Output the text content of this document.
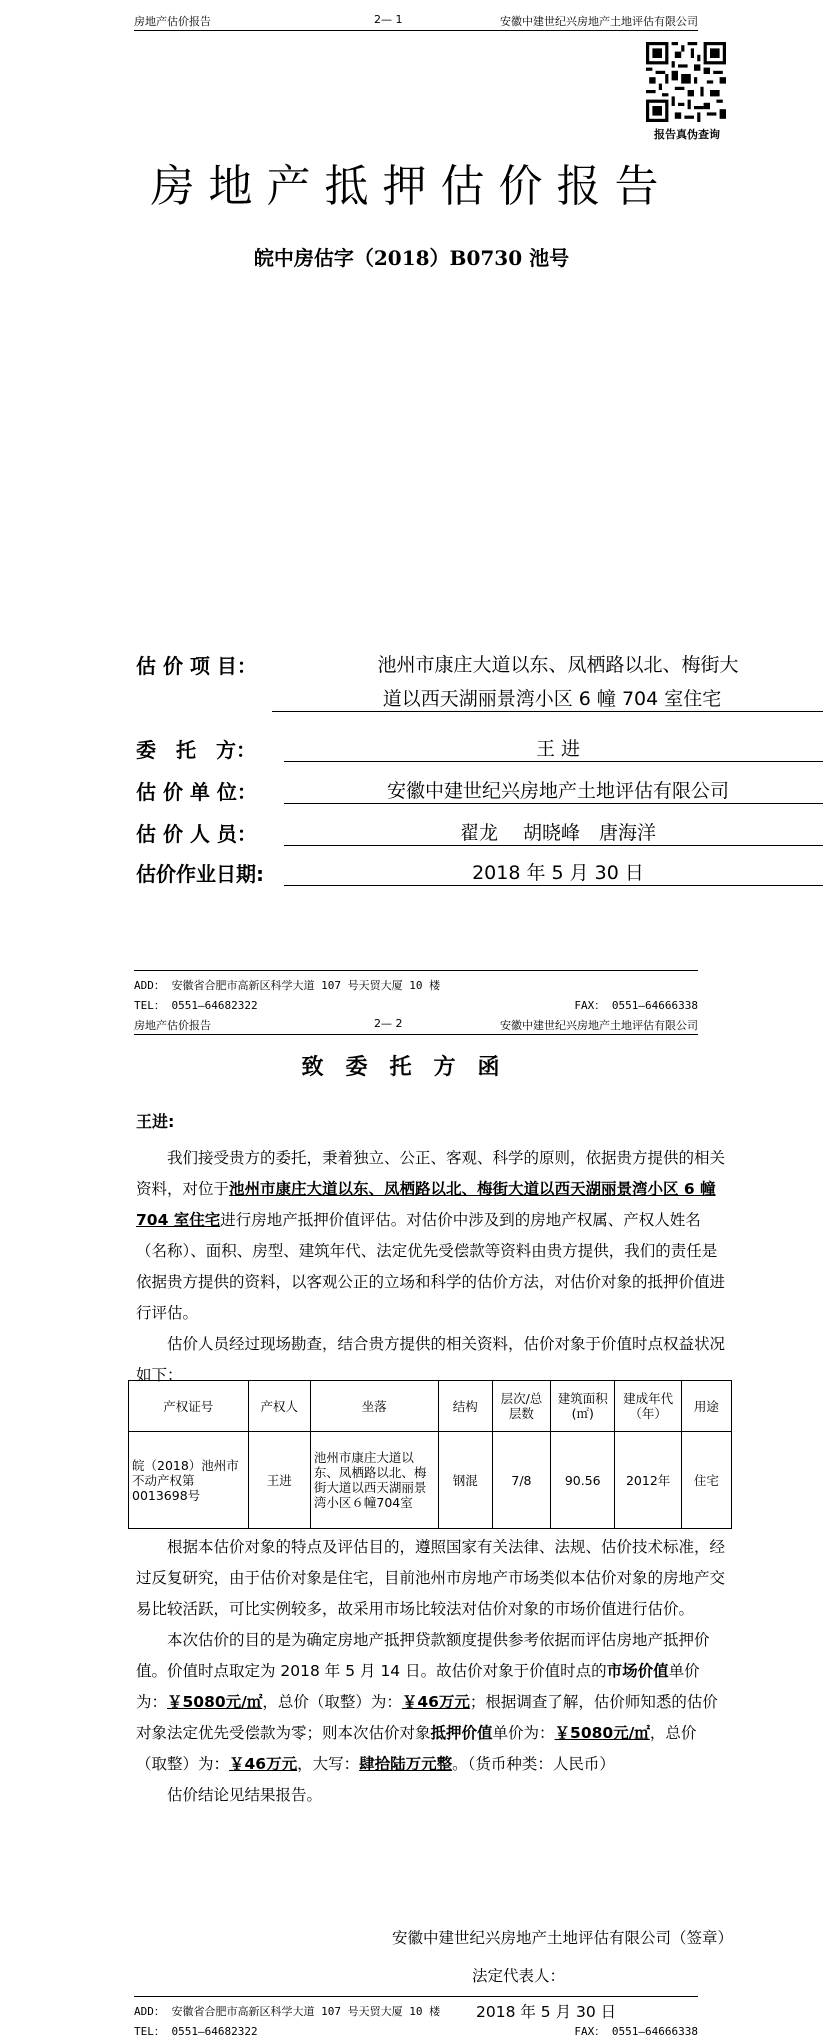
房地产估价报告	2— 1	安徽中建世纪兴房地产土地评估有限公司
报告真伪查询
房地产抵押估价报告
皖中房估字（2018）B0730 池号
估 价 项 目：	池州市康庄大道以东、凤栖路以北、梅街大
道以西天湖丽景湾小区 6 幢 704 室住宅
委　托　方：	王 进
估 价 单 位：	安徽中建世纪兴房地产土地评估有限公司
估 价 人 员：	翟龙　 胡晓峰　唐海洋
估价作业日期:	2018 年 5 月 30 日
ADD： 安徽省合肥市高新区科学大道 107 号天贸大厦 10 楼
TEL： 0551—64682322	FAX： 0551—64666338
房地产估价报告	2— 2	安徽中建世纪兴房地产土地评估有限公司
致委托方函
王进:

我们接受贵方的委托，秉着独立、公正、客观、科学的原则，依据贵方提供的相关资料，对位于池州市康庄大道以东、凤栖路以北、梅街大道以西天湖丽景湾小区 6 幢 704 室住宅进行房地产抵押价值评估。对估价中涉及到的房地产权属、产权人姓名（名称）、面积、房型、建筑年代、法定优先受偿款等资料由贵方提供，我们的责任是依据贵方提供的资料，以客观公正的立场和科学的估价方法，对估价对象的抵押价值进行评估。

估价人员经过现场勘查，结合贵方提供的相关资料，估价对象于价值时点权益状况如下：

产权证号	产权人	坐落	结构	层次/总层数	建筑面积(㎡)	建成年代（年）	用途
皖（2018）池州市不动产权第0013698号	王进	池州市康庄大道以东、凤栖路以北、梅街大道以西天湖丽景湾小区６幢704室	钢混	7/8	90.56	2012年	住宅

根据本估价对象的特点及评估目的，遵照国家有关法律、法规、估价技术标准，经过反复研究，由于估价对象是住宅，目前池州市房地产市场类似本估价对象的房地产交易比较活跃，可比实例较多，故采用市场比较法对估价对象的市场价值进行估价。

本次估价的目的是为确定房地产抵押贷款额度提供参考依据而评估房地产抵押价值。价值时点取定为 2018 年 5 月 14 日。故估价对象于价值时点的市场价值单价为：￥5080元/㎡，总价（取整）为：￥46万元；根据调查了解，估价师知悉的估价对象法定优先受偿款为零；则本次估价对象抵押价值单价为：￥5080元/㎡，总价（取整）为：￥46万元，大写：肆拾陆万元整。（货币种类：人民币）

估价结论见结果报告。

安徽中建世纪兴房地产土地评估有限公司（签章）
法定代表人：
2018 年 5 月 30 日
ADD： 安徽省合肥市高新区科学大道 107 号天贸大厦 10 楼
TEL： 0551—64682322	FAX： 0551—64666338
